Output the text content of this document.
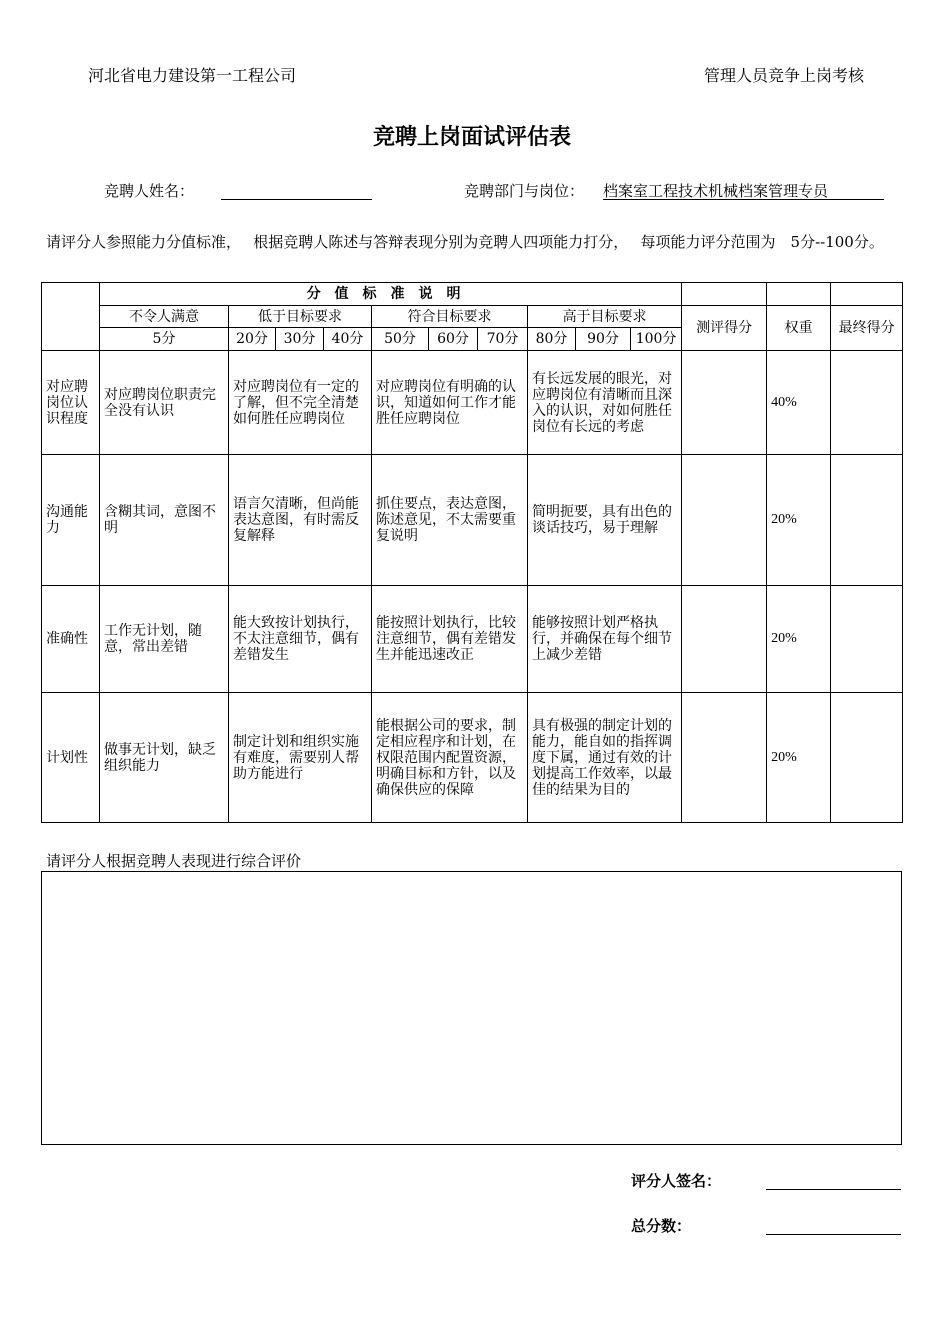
河北省电力建设第一工程公司	管理人员竞争上岗考核
竞聘上岗面试评估表
竞聘人姓名：	竞聘部门与岗位： 档案室工程技术机械档案管理专员
请评分人参照能力分值标准，　 根据竞聘人陈述与答辩表现分别为竞聘人四项能力打分，　 每项能力评分范围为　5分--100分。
	分值标准说明												
	不令人满意	低于目标要求			符合目标要求			高于目标要求			测评得分	权重	最终得分
	5分	20分	30分	40分	50分	60分	70分	80分	90分	100分			
对应聘岗位认识程度	对应聘岗位职责完全没有认识	对应聘岗位有一定的了解，但不完全清楚如何胜任应聘岗位			对应聘岗位有明确的认识，知道如何工作才能胜任应聘岗位			有长远发展的眼光，对应聘岗位有清晰而且深入的认识，对如何胜任岗位有长远的考虑				40%	
沟通能力	含糊其词，意图不明	语言欠清晰，但尚能表达意图，有时需反复解释			抓住要点，表达意图，陈述意见，不太需要重复说明			简明扼要，具有出色的谈话技巧，易于理解				20%	
准确性	工作无计划，随意，常出差错	能大致按计划执行，不太注意细节，偶有差错发生			能按照计划执行，比较注意细节，偶有差错发生并能迅速改正			能够按照计划严格执行，并确保在每个细节上减少差错				20%	
计划性	做事无计划，缺乏组织能力	制定计划和组织实施有难度，需要别人帮助方能进行			能根据公司的要求，制定相应程序和计划，在权限范围内配置资源，明确目标和方针，以及确保供应的保障			具有极强的制定计划的能力，能自如的指挥调度下属，通过有效的计划提高工作效率，以最佳的结果为目的				20%	
请评分人根据竞聘人表现进行综合评价
评分人签名：
总分数：
